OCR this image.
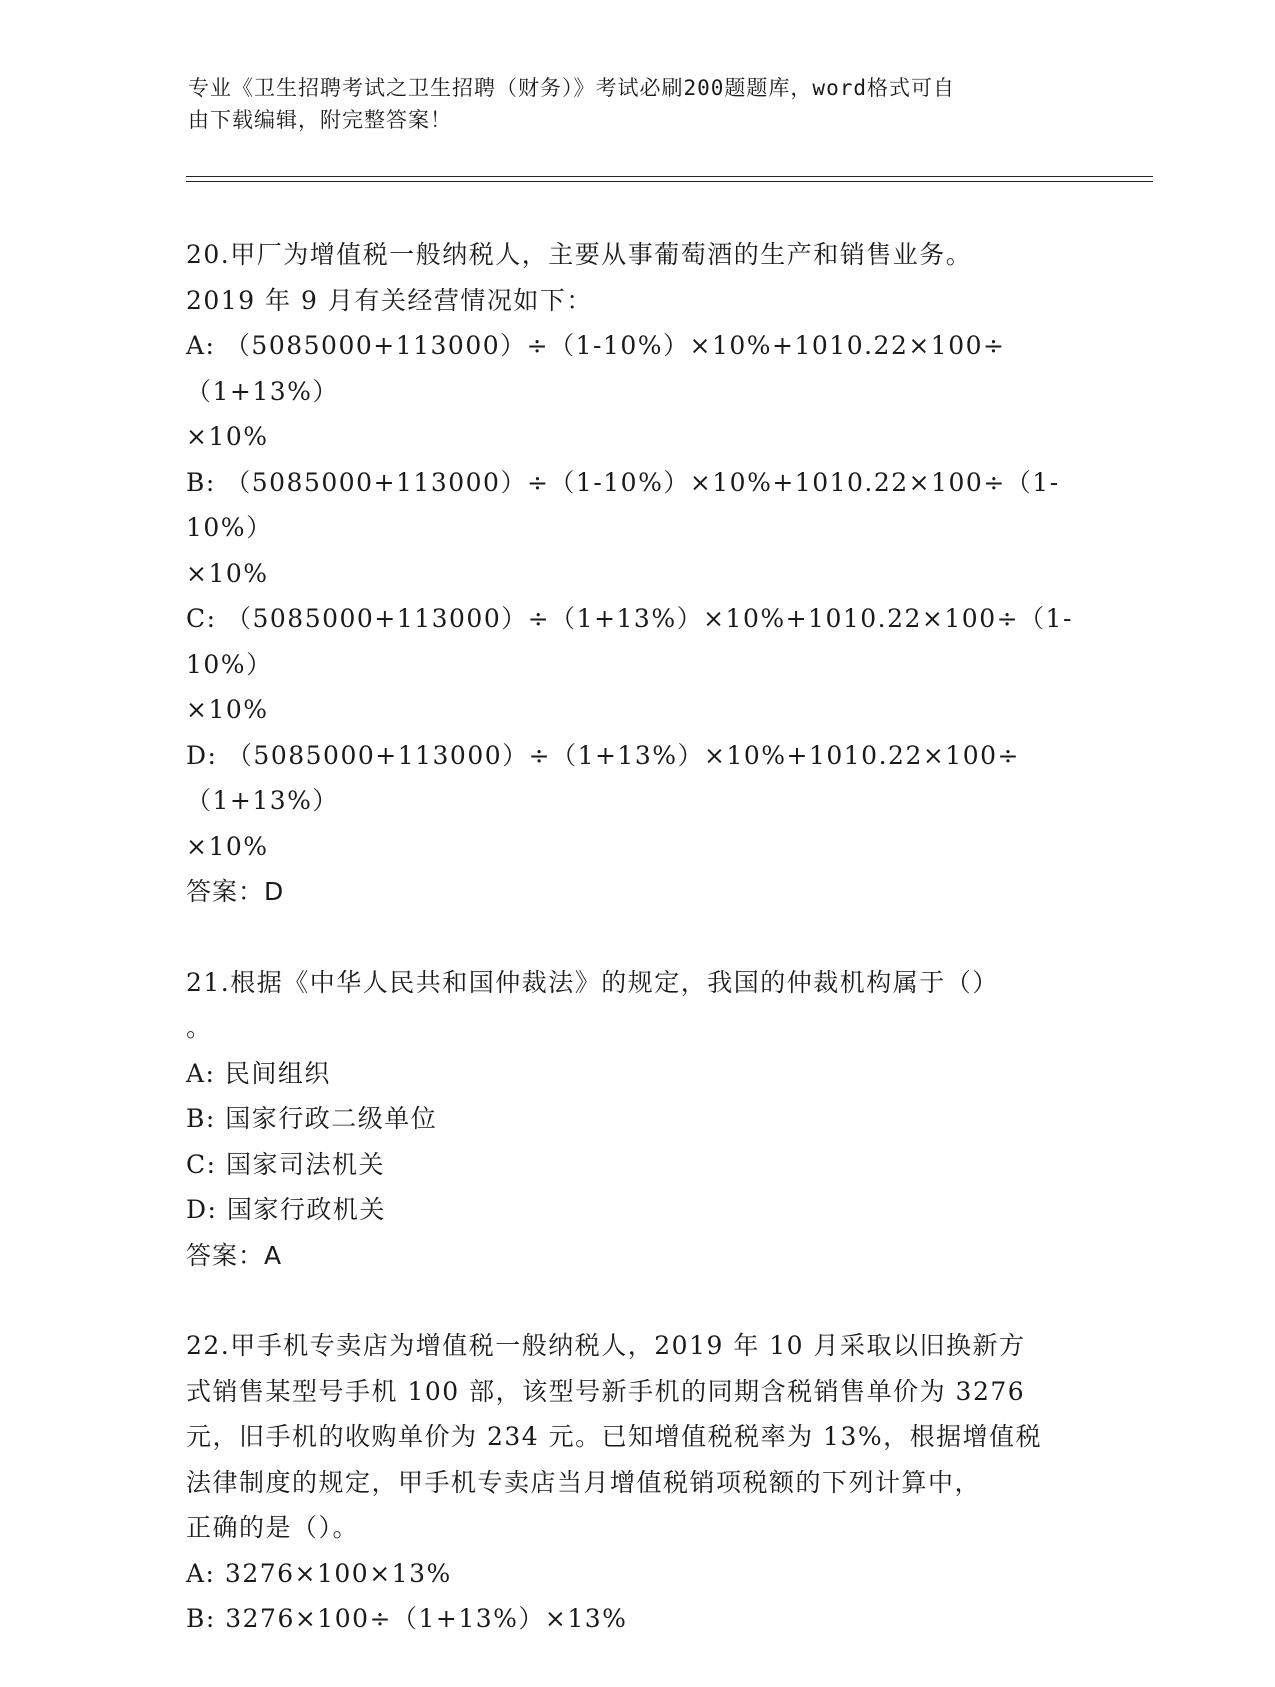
专业《卫生招聘考试之卫生招聘（财务）》考试必刷200题题库，word格式可自
由下载编辑，附完整答案！
20.甲厂为增值税一般纳税人，主要从事葡萄酒的生产和销售业务。
2019 年 9 月有关经营情况如下：
A: （5085000+113000）÷（1-10%）×10%+1010.22×100÷（1+13%）
×10%
B: （5085000+113000）÷（1-10%）×10%+1010.22×100÷（1-10%）
×10%
C: （5085000+113000）÷（1+13%）×10%+1010.22×100÷（1-10%）
×10%
D: （5085000+113000）÷（1+13%）×10%+1010.22×100÷（1+13%）
×10%
答案：D
21.根据《中华人民共和国仲裁法》的规定，我国的仲裁机构属于（）
。
A: 民间组织
B: 国家行政二级单位
C: 国家司法机关
D: 国家行政机关
答案：A
22.甲手机专卖店为增值税一般纳税人，2019 年 10 月采取以旧换新方
式销售某型号手机 100 部，该型号新手机的同期含税销售单价为 3276
元，旧手机的收购单价为 234 元。已知增值税税率为 13%，根据增值税
法律制度的规定，甲手机专卖店当月增值税销项税额的下列计算中，
正确的是（）。
A: 3276×100×13%
B: 3276×100÷（1+13%）×13%
